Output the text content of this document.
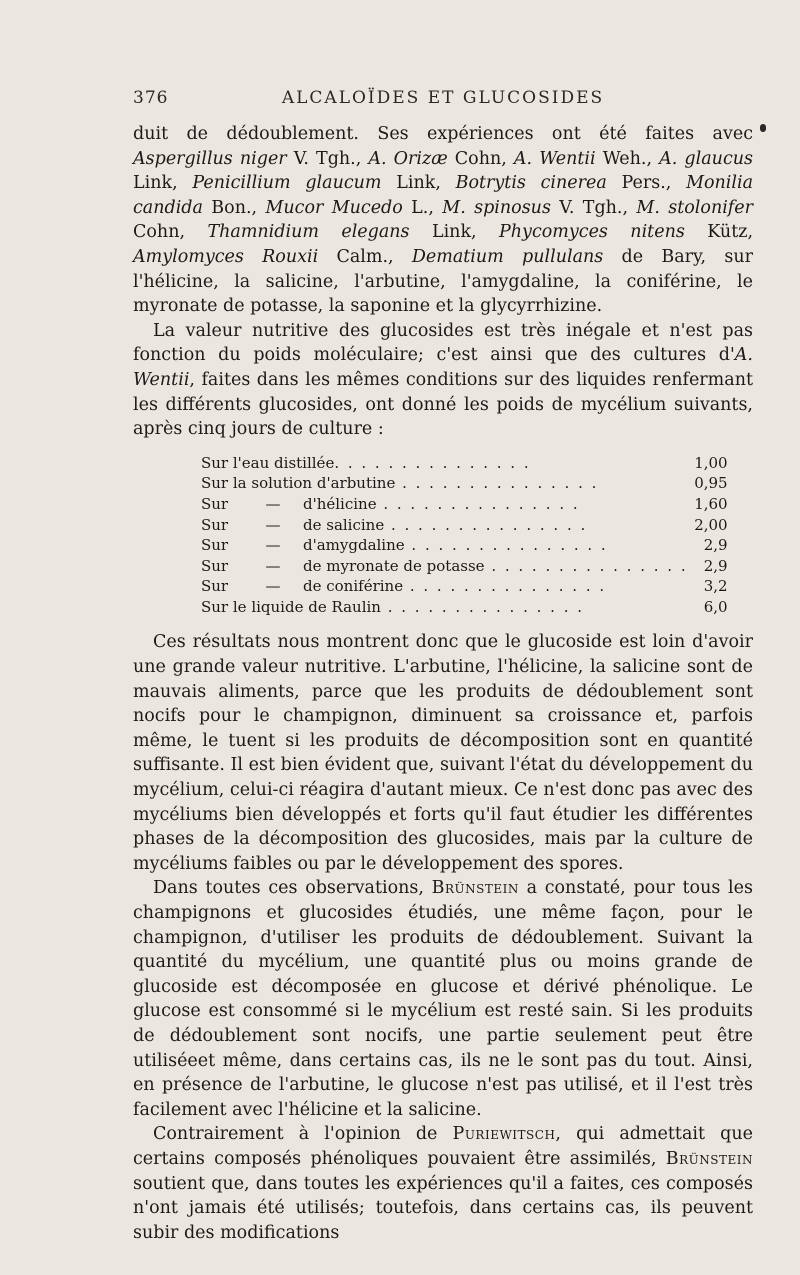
376	ALCALOÏDES ET GLUCOSIDES

duit de dédoublement. Ses expériences ont été faites avec Aspergillus niger V. Tgh., A. Orizæ Cohn, A. Wentii Weh., A. glaucus Link, Penicillium glaucum Link, Botrytis cinerea Pers., Monilia candida Bon., Mucor Mucedo L., M. spinosus V. Tgh., M. stolonifer Cohn, Thamnidium elegans Link, Phycomyces nitens Kütz, Amylomyces Rouxii Calm., Dematium pullulans de Bary, sur l'hélicine, la salicine, l'arbutine, l'amygdaline, la coniférine, le myronate de potasse, la saponine et la glycyrrhizine.

La valeur nutritive des glucosides est très inégale et n'est pas fonction du poids moléculaire; c'est ainsi que des cultures d'A. Wentii, faites dans les mêmes conditions sur des liquides renfermant les différents glucosides, ont donné les poids de mycélium suivants, après cinq jours de culture :

Sur l'eau distillée. . . . . . . . . . . . . . .			1,00

Sur la solution d'arbutine . . . . . . . . . . . . . . .			0,95
Sur	—	d'hélicine . . . . . . . . . . . . . . .	1,60
Sur	—	de salicine . . . . . . . . . . . . . . .	2,00
Sur	—	d'amygdaline . . . . . . . . . . . . . . .	2,9
Sur	—	de myronate de potasse . . . . . . . . . . . . . . .	2,9
Sur	—	de coniférine . . . . . . . . . . . . . . .	3,2

Sur le liquide de Raulin . . . . . . . . . . . . . . .			6,0

Ces résultats nous montrent donc que le glucoside est loin d'avoir une grande valeur nutritive. L'arbutine, l'hélicine, la salicine sont de mauvais aliments, parce que les produits de dédoublement sont nocifs pour le champignon, diminuent sa croissance et, parfois même, le tuent si les produits de décomposition sont en quantité suffisante. Il est bien évident que, suivant l'état du développement du mycélium, celui-ci réagira d'autant mieux. Ce n'est donc pas avec des mycéliums bien développés et forts qu'il faut étudier les différentes phases de la décomposition des glucosides, mais par la culture de mycéliums faibles ou par le développement des spores.

Dans toutes ces observations, Brünstein a constaté, pour tous les champignons et glucosides étudiés, une même façon, pour le champignon, d'utiliser les produits de dédoublement. Suivant la quantité du mycélium, une quantité plus ou moins grande de glucoside est décomposée en glucose et dérivé phénolique. Le glucose est consommé si le mycélium est resté sain. Si les produits de dédoublement sont nocifs, une partie seulement peut être utiliséeet même, dans certains cas, ils ne le sont pas du tout. Ainsi, en présence de l'arbutine, le glucose n'est pas utilisé, et il l'est très facilement avec l'hélicine et la salicine.

Contrairement à l'opinion de Puriewitsch, qui admettait que certains composés phénoliques pouvaient être assimilés, Brünstein soutient que, dans toutes les expériences qu'il a faites, ces composés n'ont jamais été utilisés; toutefois, dans certains cas, ils peuvent subir des modifications
